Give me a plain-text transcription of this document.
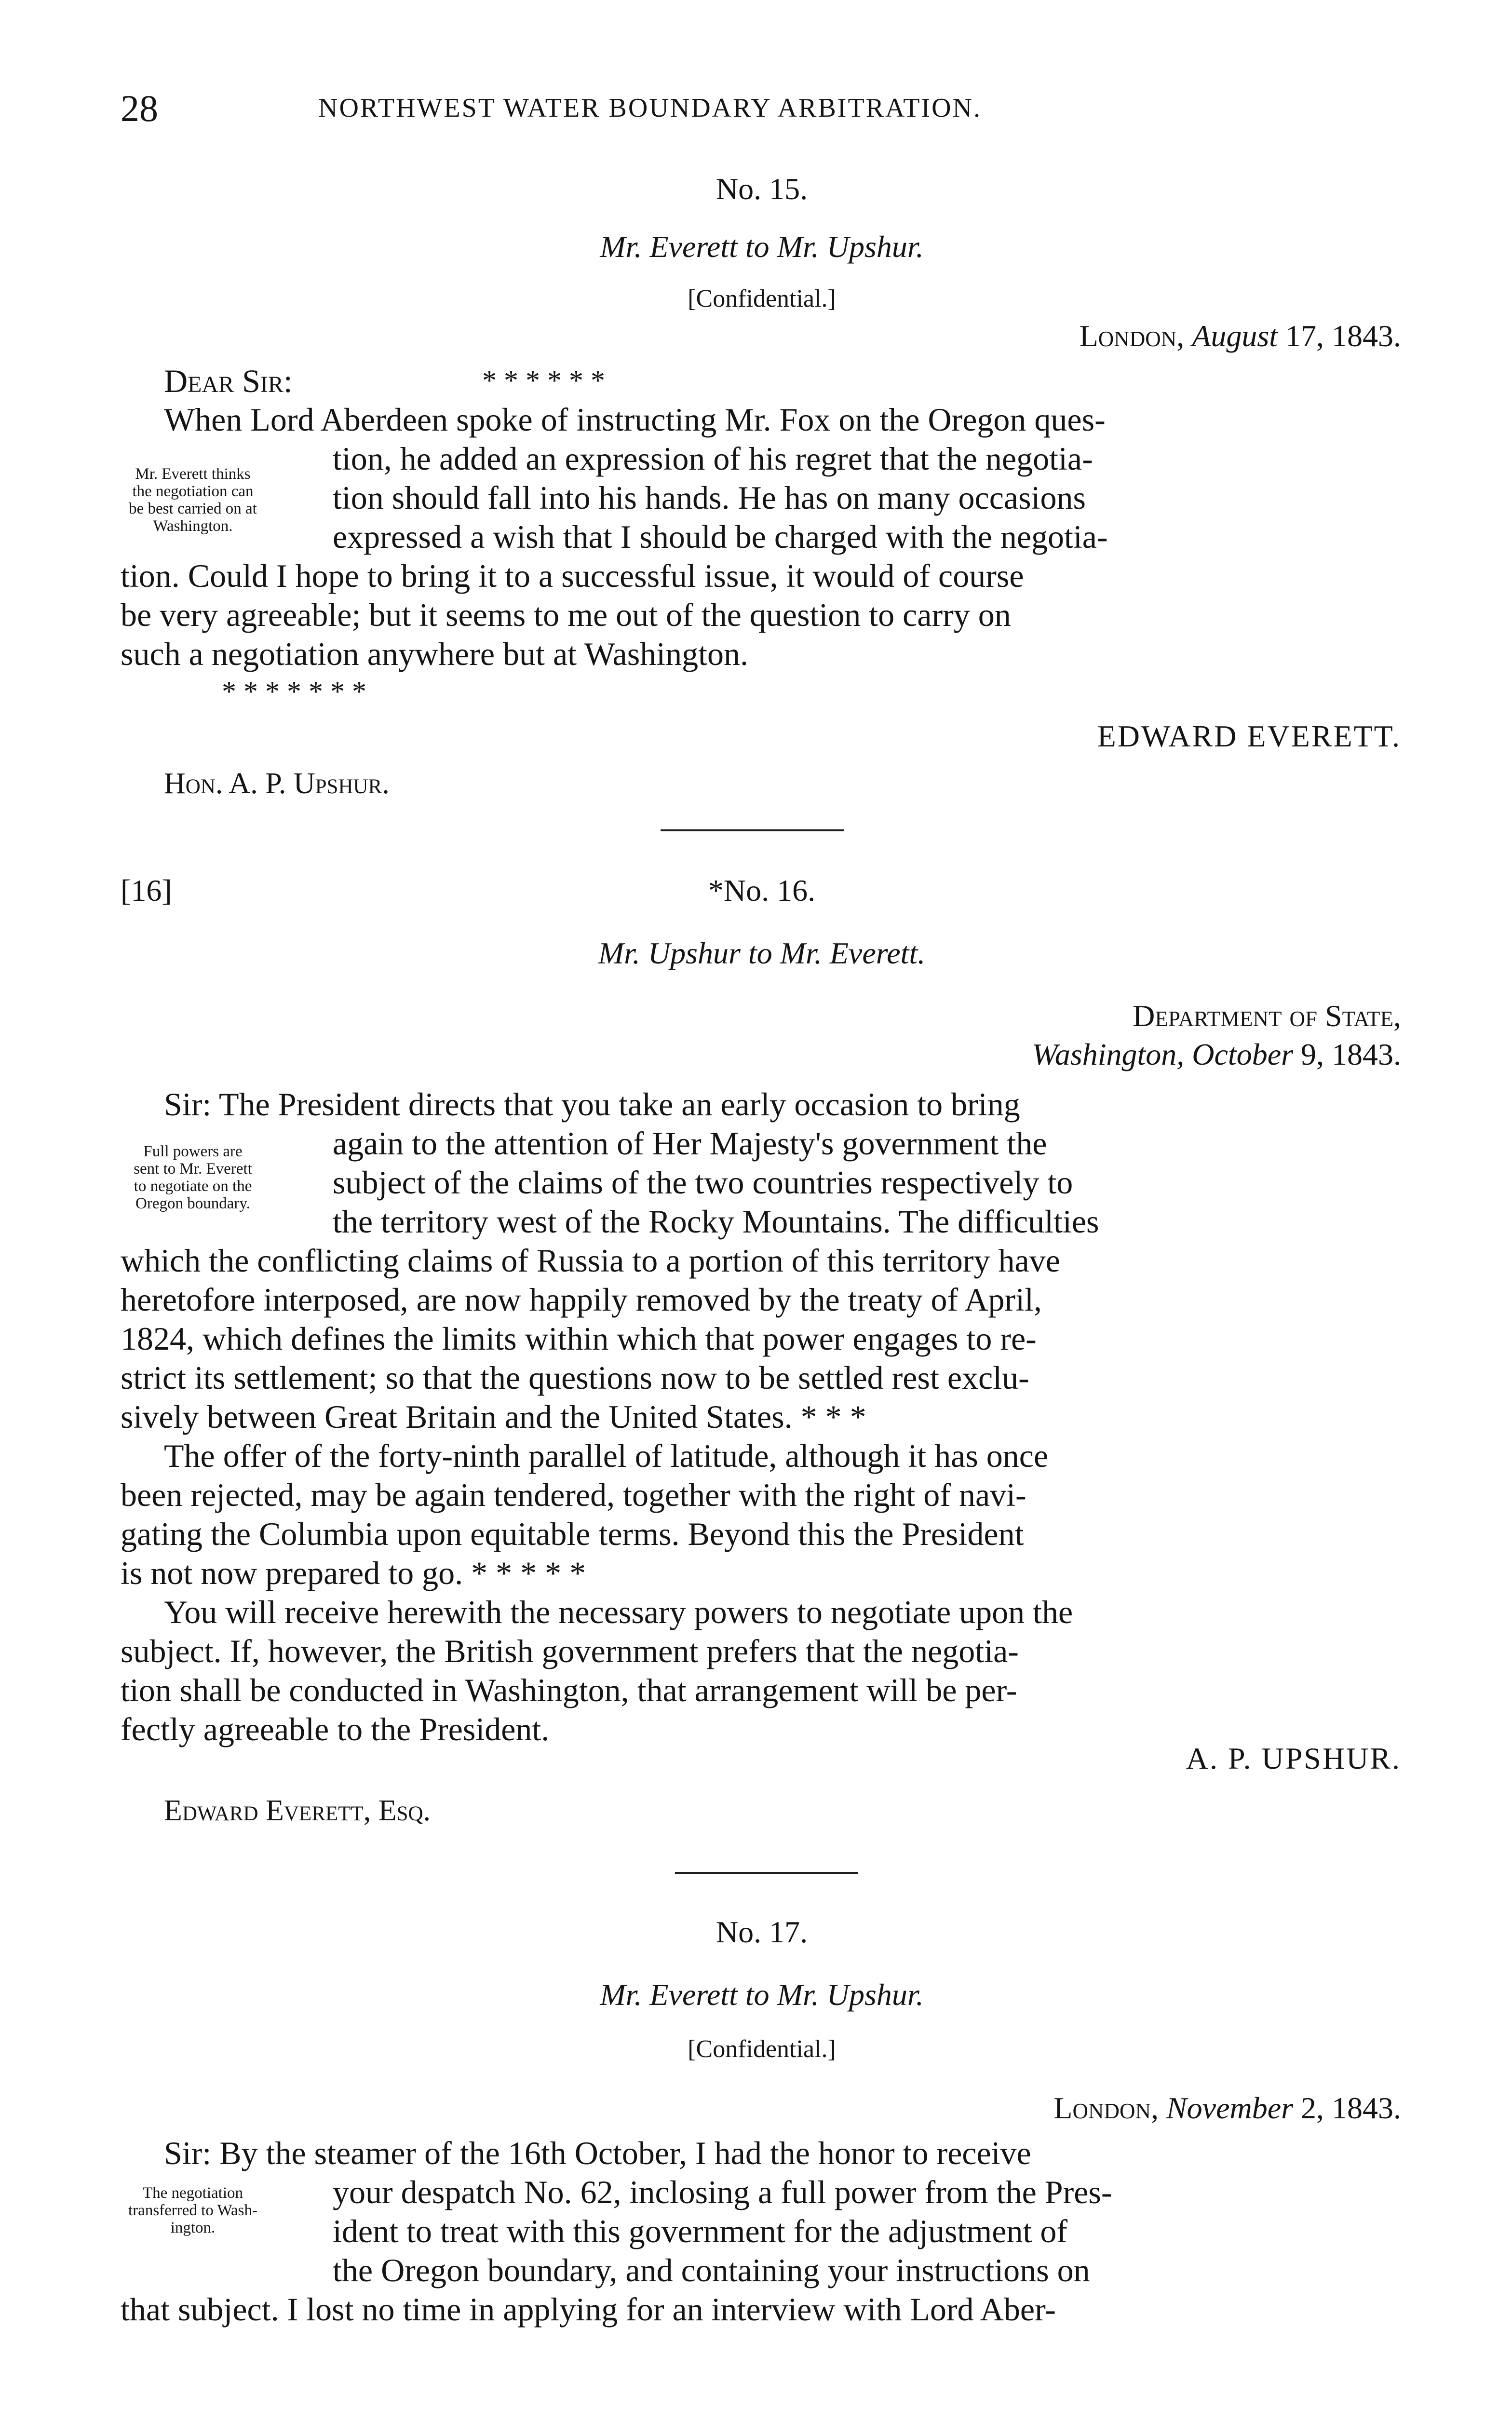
28	NORTHWEST WATER BOUNDARY ARBITRATION.
No. 15.
Mr. Everett to Mr. Upshur.
[Confidential.]
London, August 17, 1843.
Dear Sir:	* * * * * *
Mr. Everett thinks
the negotiation can
be best carried on at
Washington.
When Lord Aberdeen spoke of instructing Mr. Fox on the Oregon ques-
tion, he added an expression of his regret that the negotia-
tion should fall into his hands. He has on many occasions
expressed a wish that I should be charged with the negotia-
tion. Could I hope to bring it to a successful issue, it would of course
be very agreeable; but it seems to me out of the question to carry on
such a negotiation anywhere but at Washington.
* * * * * * *
EDWARD EVERETT.
Hon. A. P. Upshur.
[16]	*No. 16.
Mr. Upshur to Mr. Everett.
Department of State,
Washington, October 9, 1843.
Full powers are
sent to Mr. Everett
to negotiate on the
Oregon boundary.
Sir: The President directs that you take an early occasion to bring
again to the attention of Her Majesty's government the
subject of the claims of the two countries respectively to
the territory west of the Rocky Mountains. The difficulties
which the conflicting claims of Russia to a portion of this territory have
heretofore interposed, are now happily removed by the treaty of April,
1824, which defines the limits within which that power engages to re-
strict its settlement; so that the questions now to be settled rest exclu-
sively between Great Britain and the United States. * * *
The offer of the forty-ninth parallel of latitude, although it has once
been rejected, may be again tendered, together with the right of navi-
gating the Columbia upon equitable terms. Beyond this the President
is not now prepared to go. * * * * *
You will receive herewith the necessary powers to negotiate upon the
subject. If, however, the British government prefers that the negotia-
tion shall be conducted in Washington, that arrangement will be per-
fectly agreeable to the President.
A. P. UPSHUR.
Edward Everett, Esq.
No. 17.
Mr. Everett to Mr. Upshur.
[Confidential.]
London, November 2, 1843.
The negotiation
transferred to Wash-
ington.
Sir: By the steamer of the 16th October, I had the honor to receive
your despatch No. 62, inclosing a full power from the Pres-
ident to treat with this government for the adjustment of
the Oregon boundary, and containing your instructions on
that subject. I lost no time in applying for an interview with Lord Aber-
